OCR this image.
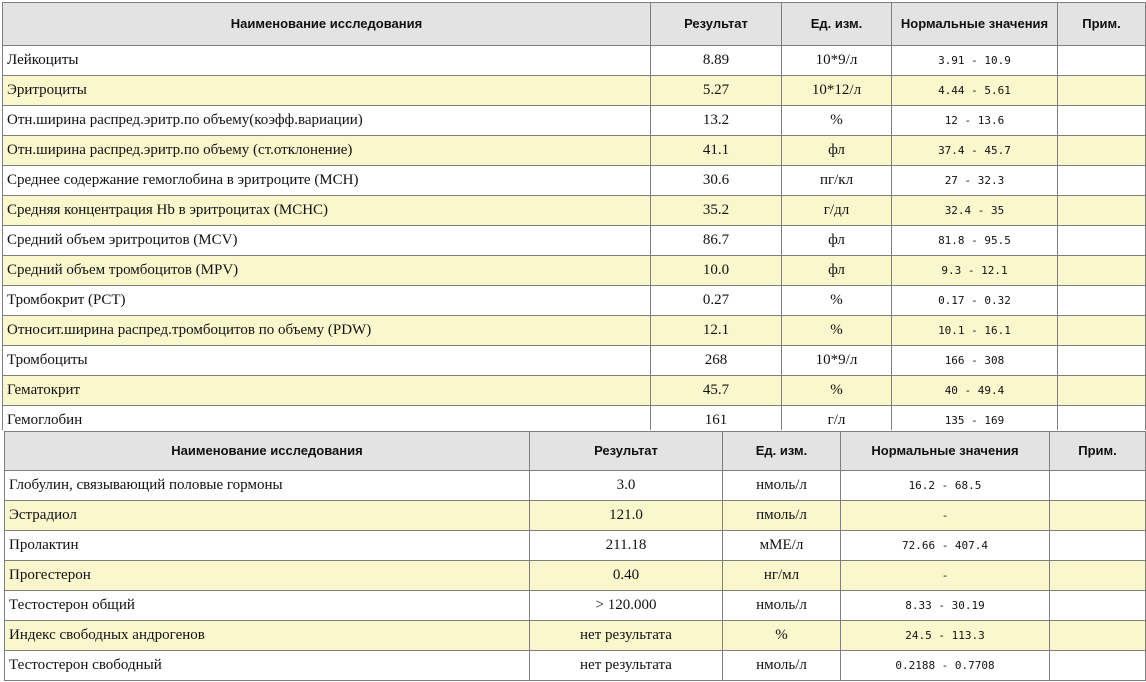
Наименование исследования	Результат	Ед. изм.	Нормальные значения	Прим.
Лейкоциты	8.89	10*9/л	3.91 - 10.9	
Эритроциты	5.27	10*12/л	4.44 - 5.61	
Отн.ширина распред.эритр.по объему(коэфф.вариации)	13.2	%	12 - 13.6	
Отн.ширина распред.эритр.по объему (ст.отклонение)	41.1	фл	37.4 - 45.7	
Среднее содержание гемоглобина в эритроците (MCH)	30.6	пг/кл	27 - 32.3	
Средняя концентрация Hb в эритроцитах (MCHC)	35.2	г/дл	32.4 - 35	
Средний объем эритроцитов (MCV)	86.7	фл	81.8 - 95.5	
Средний объем тромбоцитов (MPV)	10.0	фл	9.3 - 12.1	
Тромбокрит (PCT)	0.27	%	0.17 - 0.32	
Относит.ширина распред.тромбоцитов по объему (PDW)	12.1	%	10.1 - 16.1	
Тромбоциты	268	10*9/л	166 - 308	
Гематокрит	45.7	%	40 - 49.4	
Гемоглобин	161	г/л	135 - 169	
Наименование исследования	Результат	Ед. изм.	Нормальные значения	Прим.
Глобулин, связывающий половые гормоны	3.0	нмоль/л	16.2 - 68.5	
Эстрадиол	121.0	пмоль/л	-	
Пролактин	211.18	мМЕ/л	72.66 - 407.4	
Прогестерон	0.40	нг/мл	-	
Тестостерон общий	> 120.000	нмоль/л	8.33 - 30.19	
Индекс свободных андрогенов	нет результата	%	24.5 - 113.3	
Тестостерон свободный	нет результата	нмоль/л	0.2188 - 0.7708	
